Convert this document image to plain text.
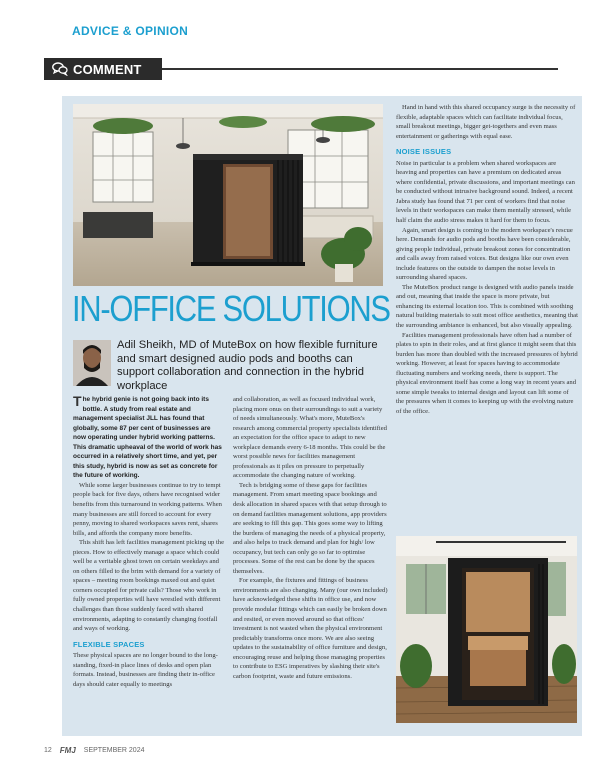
ADVICE & OPINION
COMMENT
IN-OFFICE SOLUTIONS

Adil Sheikh, MD of MuteBox on how flexible furniture and smart designed audio pods and booths can support collaboration and connection in the hybrid workplace

The hybrid genie is not going back into its bottle. A study from real estate and management specialist JLL has found that globally, some 87 per cent of businesses are now operating under hybrid working patterns. This dramatic upheaval of the world of work has occurred in a relatively short time, and yet, per this study, hybrid is now as set as concrete for the future of working.

While some larger businesses continue to try to tempt people back for five days, others have recognised wider benefits from this turnaround in working patterns. When many businesses are still forced to account for every penny, moving to shared workspaces saves rent, shares bills, and affords the company more benefits.

This shift has left facilities management picking up the pieces. How to effectively manage a space which could well be a veritable ghost town on certain weekdays and on others filled to the brim with demand for a variety of spaces – meeting room bookings maxed out and quiet corners occupied for private calls? Those who work in fully owned properties will have wrestled with different challenges than those suddenly faced with shared environments, adapting to constantly changing footfall and ways of working.

FLEXIBLE SPACES

These physical spaces are no longer bound to the long-standing, fixed-in place lines of desks and open plan formats. Instead, businesses are finding their in-office days should cater equally to meetings

and collaboration, as well as focused individual work, placing more onus on their surroundings to suit a variety of needs simultaneously. What's more, MuteBox's research among commercial property specialists identified an expectation for the office space to adapt to new workplace demands every 6-18 months. This could be the worst possible news for facilities management professionals as it piles on pressure to perpetually accommodate the changing nature of working.

Tech is bridging some of these gaps for facilities management. From smart meeting space bookings and desk allocation in shared spaces with that setup through to on demand facilities management solutions, app providers are seeking to fill this gap. This goes some way to lifting the burdens of managing the needs of a physical property, and also helps to track demand and plan for high/ low occupancy, but tech can only go so far to optimise processes. Some of the rest can be done by the spaces themselves.

For example, the fixtures and fittings of business environments are also changing. Many (our own included) have acknowledged these shifts in office use, and now provide modular fittings which can easily be broken down and resited, or even moved around so that offices' investment is not wasted when the physical environment predictably transforms once more. We are also seeing updates to the sustainability of office furniture and design, encouraging reuse and helping those managing properties to contribute to ESG imperatives by slashing their site's carbon footprint, waste and future emissions.

Hand in hand with this shared occupancy surge is the necessity of flexible, adaptable spaces which can facilitate individual focus, small breakout meetings, bigger get-togethers and even mass entertainment or gatherings with equal ease.

NOISE ISSUES

Noise in particular is a problem when shared workspaces are heaving and properties can have a premium on dedicated areas where confidential, private discussions, and important meetings can be conducted without intrusive background sound. Indeed, a recent Jabra study has found that 71 per cent of workers find that noise levels in their workspaces can make them mentally stressed, while half claim the audio stress makes it hard for them to focus.

Again, smart design is coming to the modern workspace's rescue here. Demands for audio pods and booths have been considerable, giving people individual, private breakout zones for concentration and calls away from raised voices. But designs like our own even include features on the outside to dampen the noise levels in surrounding shared spaces.

The MuteBox product range is designed with audio panels inside and out, meaning that inside the space is more private, but enhancing its external location too. This is combined with soothing natural building materials to suit most office aesthetics, meaning that the surrounding ambiance is enhanced, but also visually appealing.

Facilities management professionals have often had a number of plates to spin in their roles, and at first glance it might seem that this burden has more than doubled with the increased pressures of hybrid working. However, at least for spaces having to accommodate fluctuating numbers and working needs, there is support. The physical environment itself has come a long way in recent years and some simple tweaks to internal design and layout can lift some of the pressures when it comes to keeping up with the evolving nature of the office.

12 FMJ SEPTEMBER 2024
